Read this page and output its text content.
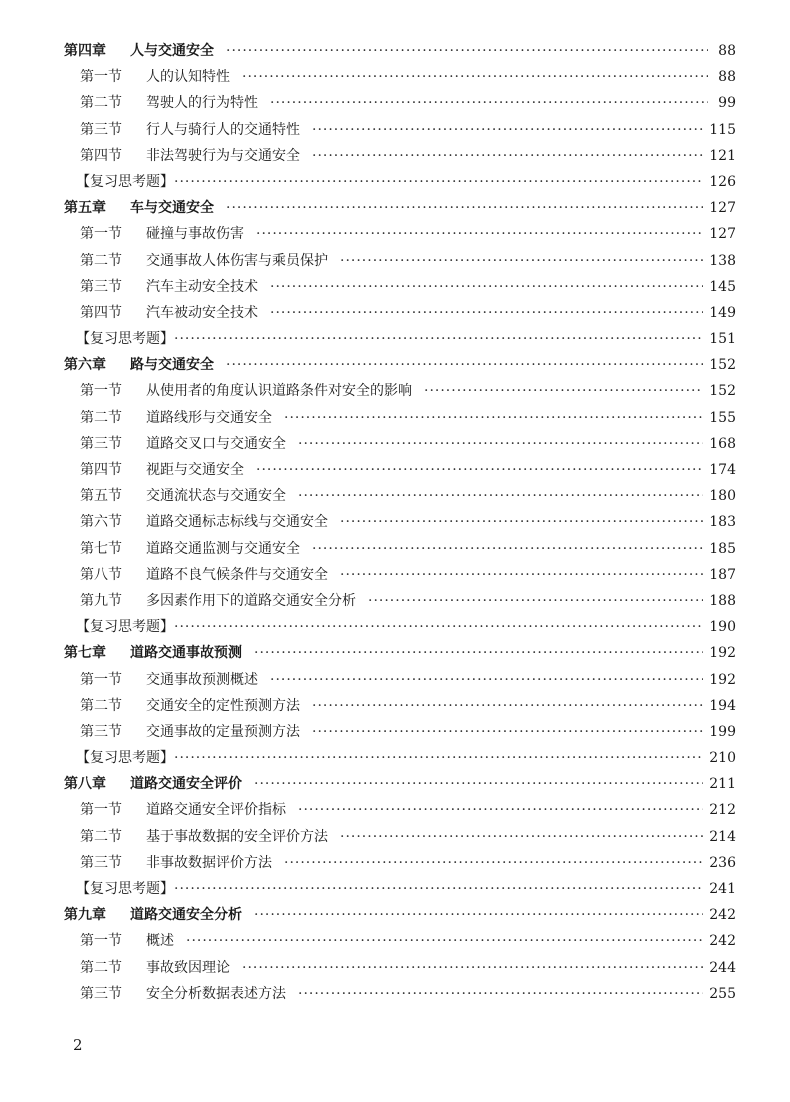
第四章	人与交通安全 ·····	88
第一节	人的认知特性 ·····	88
第二节	驾驶人的行为特性 ·····	99
第三节	行人与骑行人的交通特性 ·····	115
第四节	非法驾驶行为与交通安全 ·····	121
【复习思考题】 ·····	126
第五章	车与交通安全 ·····	127
第一节	碰撞与事故伤害 ·····	127
第二节	交通事故人体伤害与乘员保护 ·····	138
第三节	汽车主动安全技术 ·····	145
第四节	汽车被动安全技术 ·····	149
【复习思考题】 ·····	151
第六章	路与交通安全 ·····	152
第一节	从使用者的角度认识道路条件对安全的影响 ·····	152
第二节	道路线形与交通安全 ·····	155
第三节	道路交叉口与交通安全 ·····	168
第四节	视距与交通安全 ·····	174
第五节	交通流状态与交通安全 ·····	180
第六节	道路交通标志标线与交通安全 ·····	183
第七节	道路交通监测与交通安全 ·····	185
第八节	道路不良气候条件与交通安全 ·····	187
第九节	多因素作用下的道路交通安全分析 ·····	188
【复习思考题】 ·····	190
第七章	道路交通事故预测 ·····	192
第一节	交通事故预测概述 ·····	192
第二节	交通安全的定性预测方法 ·····	194
第三节	交通事故的定量预测方法 ·····	199
【复习思考题】 ·····	210
第八章	道路交通安全评价 ·····	211
第一节	道路交通安全评价指标 ·····	212
第二节	基于事故数据的安全评价方法 ·····	214
第三节	非事故数据评价方法 ·····	236
【复习思考题】 ·····	241
第九章	道路交通安全分析 ·····	242
第一节	概述 ·····	242
第二节	事故致因理论 ·····	244
第三节	安全分析数据表述方法 ·····	255
2
